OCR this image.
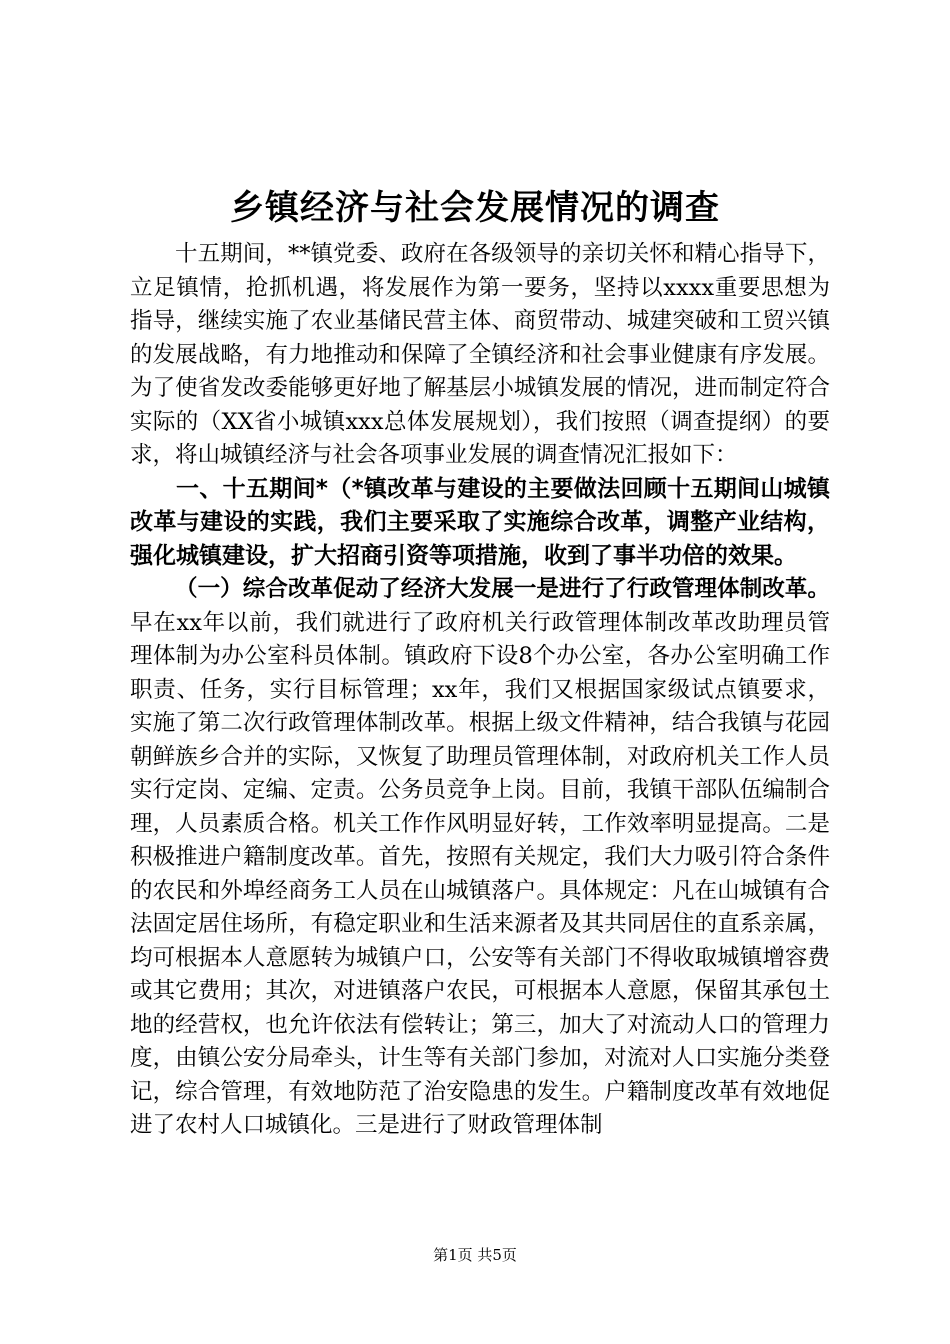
乡镇经济与社会发展情况的调查

十五期间，**镇党委、政府在各级领导的亲切关怀和精心指导下，立足镇情，抢抓机遇，将发展作为第一要务，坚持以xxxx重要思想为指导，继续实施了农业基储民营主体、商贸带动、城建突破和工贸兴镇的发展战略，有力地推动和保障了全镇经济和社会事业健康有序发展。为了使省发改委能够更好地了解基层小城镇发展的情况，进而制定符合实际的（XX省小城镇xxx总体发展规划），我们按照（调查提纲）的要求，将山城镇经济与社会各项事业发展的调查情况汇报如下：

一、十五期间*（*镇改革与建设的主要做法回顾十五期间山城镇改革与建设的实践，我们主要采取了实施综合改革，调整产业结构，强化城镇建设，扩大招商引资等项措施，收到了事半功倍的效果。

（一）综合改革促动了经济大发展一是进行了行政管理体制改革。早在xx年以前，我们就进行了政府机关行政管理体制改革改助理员管理体制为办公室科员体制。镇政府下设8个办公室，各办公室明确工作职责、任务，实行目标管理；xx年，我们又根据国家级试点镇要求，实施了第二次行政管理体制改革。根据上级文件精神，结合我镇与花园朝鲜族乡合并的实际，又恢复了助理员管理体制，对政府机关工作人员实行定岗、定编、定责。公务员竞争上岗。目前，我镇干部队伍编制合理，人员素质合格。机关工作作风明显好转，工作效率明显提高。二是积极推进户籍制度改革。首先，按照有关规定，我们大力吸引符合条件的农民和外埠经商务工人员在山城镇落户。具体规定：凡在山城镇有合法固定居住场所，有稳定职业和生活来源者及其共同居住的直系亲属，均可根据本人意愿转为城镇户口，公安等有关部门不得收取城镇增容费或其它费用；其次，对进镇落户农民，可根据本人意愿，保留其承包土地的经营权，也允许依法有偿转让；第三，加大了对流动人口的管理力度，由镇公安分局牵头，计生等有关部门参加，对流对人口实施分类登记，综合管理，有效地防范了治安隐患的发生。户籍制度改革有效地促进了农村人口城镇化。三是进行了财政管理体制

第1页 共5页
